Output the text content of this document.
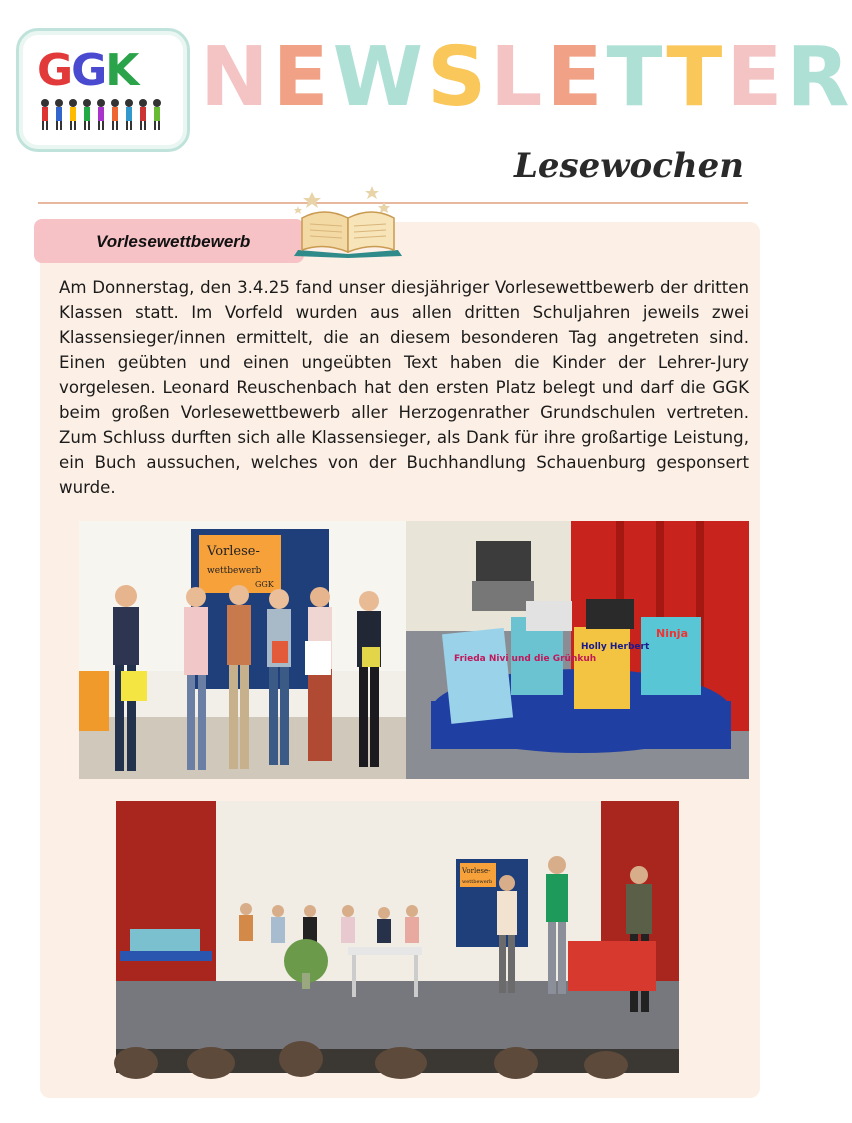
GGK N E W S L E T T E R
Lesewochen
Vorlesewettbewerb
Am Donnerstag, den 3.4.25 fand unser diesjähriger Vorlesewettbewerb der dritten Klassen statt. Im Vorfeld wurden aus allen dritten Schuljahren jeweils zwei Klassensieger/innen ermittelt, die an diesem besonderen Tag angetreten sind. Einen geübten und einen ungeübten Text haben die Kinder der Lehrer-Jury vorgelesen. Leonard Reuschenbach hat den ersten Platz belegt und darf die GGK beim großen Vorlesewettbewerb aller Herzogenrather Grundschulen vertreten. Zum Schluss durften sich alle Klassensieger, als Dank für ihre großartige Leistung, ein Buch aussuchen, welches von der Buchhandlung Schauenburg gesponsert wurde.
Vorlese-
wettbewerb
GGK
Frieda Nivi und die Grünkuh
Holly Herbert
Ninja
Vorlese-
wettbewerb
